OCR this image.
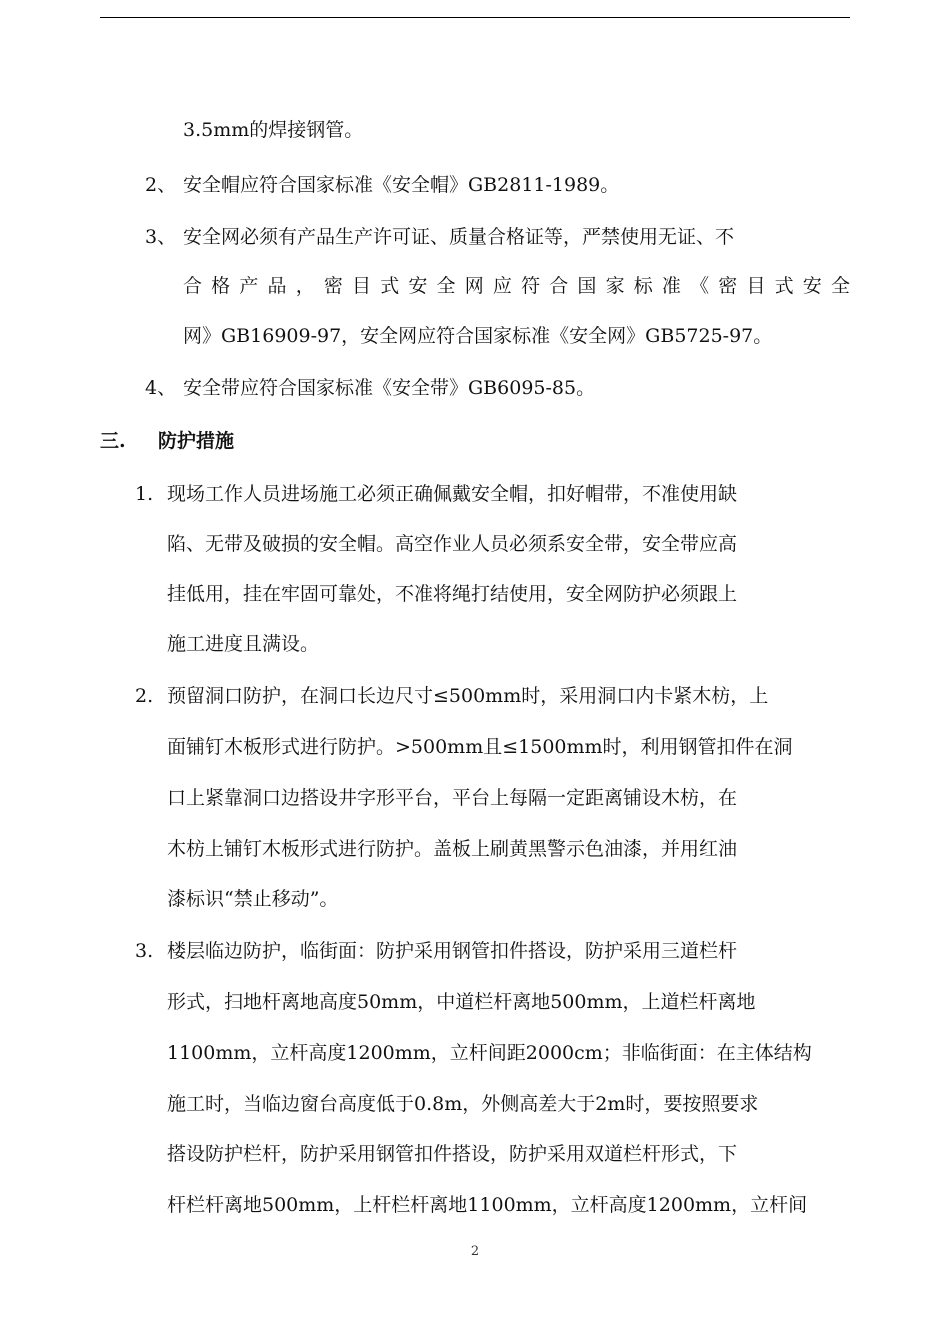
3.5mm的焊接钢管。
2、 安全帽应符合国家标准《安全帽》GB2811-1989。
3、 安全网必须有产品生产许可证、质量合格证等，严禁使用无证、不
合 格 产 品 ， 密 目 式 安 全 网 应 符 合 国 家 标 准 《 密 目 式 安 全
网》GB16909-97，安全网应符合国家标准《安全网》GB5725-97。
4、 安全带应符合国家标准《安全带》GB6095-85。
三. 防护措施
1. 现场工作人员进场施工必须正确佩戴安全帽，扣好帽带，不准使用缺
陷、无带及破损的安全帽。高空作业人员必须系安全带，安全带应高
挂低用，挂在牢固可靠处，不准将绳打结使用，安全网防护必须跟上
施工进度且满设。
2. 预留洞口防护，在洞口长边尺寸≤500mm时，采用洞口内卡紧木枋，上
面铺钉木板形式进行防护。>500mm且≤1500mm时，利用钢管扣件在洞
口上紧靠洞口边搭设井字形平台，平台上每隔一定距离铺设木枋，在
木枋上铺钉木板形式进行防护。盖板上刷黄黑警示色油漆，并用红油
漆标识“禁止移动”。
3. 楼层临边防护，临街面：防护采用钢管扣件搭设，防护采用三道栏杆
形式，扫地杆离地高度50mm，中道栏杆离地500mm，上道栏杆离地
1100mm，立杆高度1200mm，立杆间距2000cm；非临街面：在主体结构
施工时，当临边窗台高度低于0.8m，外侧高差大于2m时，要按照要求
搭设防护栏杆，防护采用钢管扣件搭设，防护采用双道栏杆形式，下
杆栏杆离地500mm，上杆栏杆离地1100mm，立杆高度1200mm，立杆间
2
